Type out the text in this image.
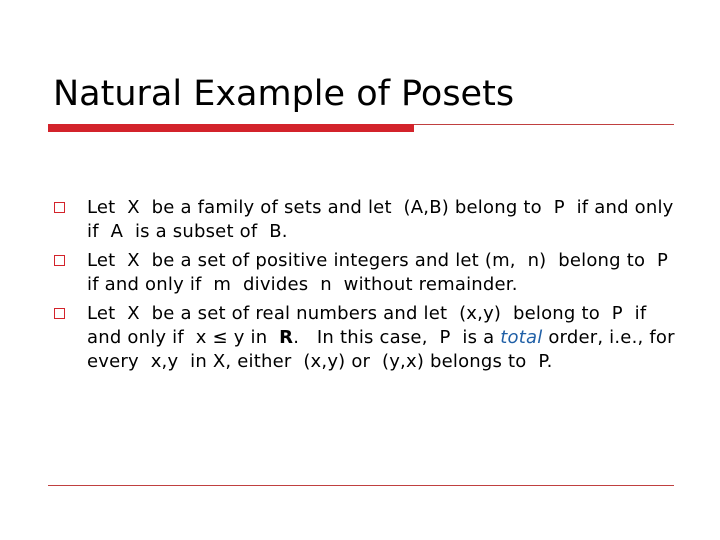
Natural Example of Posets
Let  X  be a family of sets and let  (A,B) belong to  P  if and only if  A  is a subset of  B.
Let  X  be a set of positive integers and let (m,  n)  belong to  P  if and only if  m  divides  n  without remainder.
Let  X  be a set of real numbers and let  (x,y)  belong to  P  if and only if  x ≤ y in  R.   In this case,  P  is a total order, i.e., for every  x,y  in X, either  (x,y) or  (y,x) belongs to  P.
